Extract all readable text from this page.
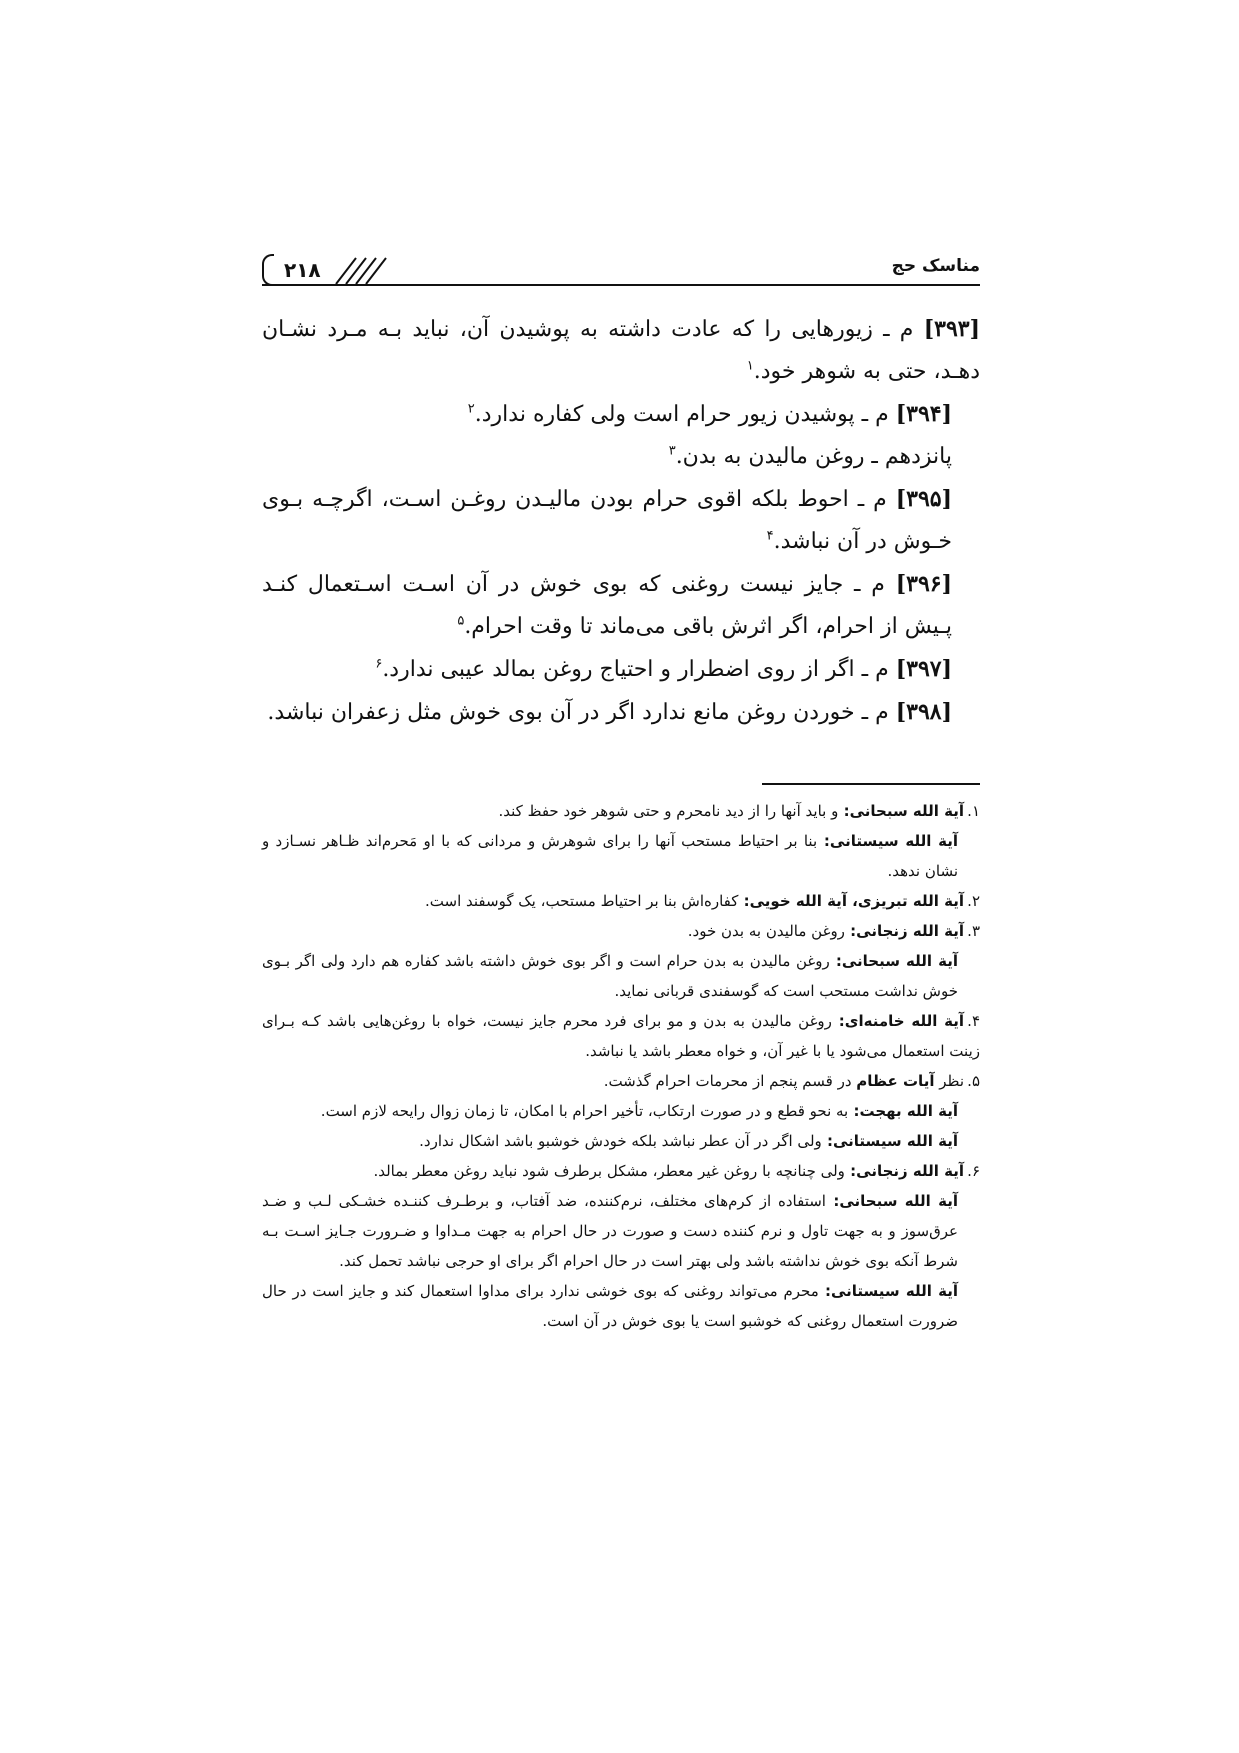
۲۱۸	مناسک حج

[۳۹۳] م ـ زیورهایی را که عادت داشته به پوشیدن آن، نباید بـه مـرد نشـان دهـد، حتی به شوهر خود.$^۱$

[۳۹۴] م ـ پوشیدن زیور حرام است ولی کفاره ندارد.$^۲$

پانزدهم ـ روغن مالیدن به بدن.$^۳$

[۳۹۵] م ـ احوط بلکه اقوی حرام بودن مالیـدن روغـن اسـت، اگرچـه بـوی خـوش در آن نباشد.$^۴$

[۳۹۶] م ـ جایز نیست روغنی که بوی خوش در آن اسـت اسـتعمال کنـد پـیش از احرام، اگر اثرش باقی می‌ماند تا وقت احرام.$^۵$

[۳۹۷] م ـ اگر از روی اضطرار و احتیاج روغن بمالد عیبی ندارد.$^۶$

[۳۹۸] م ـ خوردن روغن مانع ندارد اگر در آن بوی خوش مثل زعفران نباشد.

۱.آیة الله سبحانی: و باید آنها را از دید نامحرم و حتی شوهر خود حفظ کند.

آیة الله سیستانی: بنا بر احتیاط مستحب آنها را برای شوهرش و مردانی که با او مَحرم‌اند ظـاهر نسـازد و نشان ندهد.

۲.آیة الله تبریزی، آیة الله خویی: کفاره‌اش بنا بر احتیاط مستحب، یک گوسفند است.

۳.آیة الله زنجانی: روغن مالیدن به بدن خود.

آیة الله سبحانی: روغن مالیدن به بدن حرام است و اگر بوی خوش داشته باشد کفاره هم دارد ولی اگر بـوی خوش نداشت مستحب است که گوسفندی قربانی نماید.

۴.آیة الله خامنه‌ای: روغن مالیدن به بدن و مو برای فرد محرم جایز نیست، خواه با روغن‌هایی باشد کـه بـرای زینت استعمال می‌شود یا با غیر آن، و خواه معطر باشد یا نباشد.

۵.نظر آیات عظام در قسم پنجم از محرمات احرام گذشت.

آیة الله بهجت: به نحو قطع و در صورت ارتکاب، تأخیر احرام با امکان، تا زمان زوال رایحه لازم است.

آیة الله سیستانی: ولی اگر در آن عطر نباشد بلکه خودش خوشبو باشد اشکال ندارد.

۶.آیة الله زنجانی: ولی چنانچه با روغن غیر معطر، مشکل برطرف شود نباید روغن معطر بمالد.

آیة الله سبحانی: استفاده از کرم‌های مختلف، نرم‌کننده، ضد آفتاب، و برطـرف کننـده خشـکی لـب و ضـد عرق‌سوز و به جهت تاول و نرم کننده دست و صورت در حال احرام به جهت مـداوا و ضـرورت جـایز اسـت بـه شرط آنکه بوی خوش نداشته باشد ولی بهتر است در حال احرام اگر برای او حرجی نباشد تحمل کند.

آیة الله سیستانی: محرم می‌تواند روغنی که بوی خوشی ندارد برای مداوا استعمال کند و جایز است در حال ضرورت استعمال روغنی که خوشبو است یا بوی خوش در آن است.
